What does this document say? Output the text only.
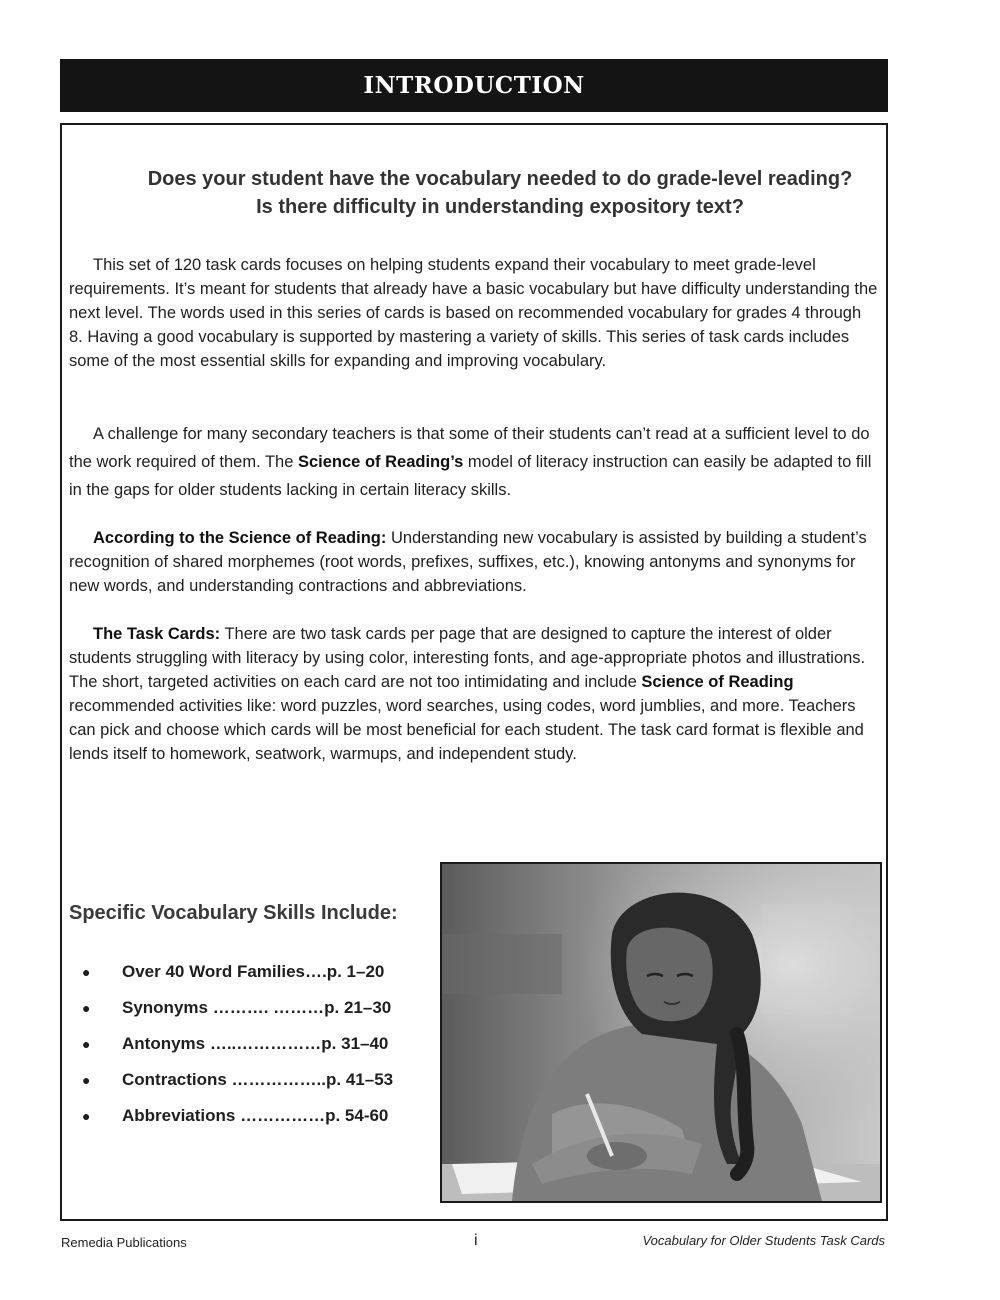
INTRODUCTION
Does your student have the vocabulary needed to do grade-level reading?
Is there difficulty in understanding expository text?

This set of 120 task cards focuses on helping students expand their vocabulary to meet grade-level requirements. It’s meant for students that already have a basic vocabulary but have difficulty understanding the next level. The words used in this series of cards is based on recommended vocabulary for grades 4 through 8. Having a good vocabulary is supported by mastering a variety of skills. This series of task cards includes some of the most essential skills for expanding and improving vocabulary.

A challenge for many secondary teachers is that some of their students can’t read at a sufficient level to do the work required of them. The Science of Reading’s model of literacy instruction can easily be adapted to fill in the gaps for older students lacking in certain literacy skills.

According to the Science of Reading: Understanding new vocabulary is assisted by building a student’s recognition of shared morphemes (root words, prefixes, suffixes, etc.), knowing antonyms and synonyms for new words, and understanding contractions and abbreviations.

The Task Cards: There are two task cards per page that are designed to capture the interest of older students struggling with literacy by using color, interesting fonts, and age-appropriate photos and illustrations. The short, targeted activities on each card are not too intimidating and include Science of Reading recommended activities like: word puzzles, word searches, using codes, word jumblies, and more. Teachers can pick and choose which cards will be most beneficial for each student. The task card format is flexible and lends itself to homework, seatwork, warmups, and independent study.

Specific Vocabulary Skills Include:
●	Over 40 Word Families….p. 1–20
●	Synonyms ………. ………p. 21–30
●	Antonyms …..……………p. 31–40
●	Contractions ……………..p. 41–53
●	Abbreviations ……………p. 54-60
Remedia Publications	i	Vocabulary for Older Students Task Cards
